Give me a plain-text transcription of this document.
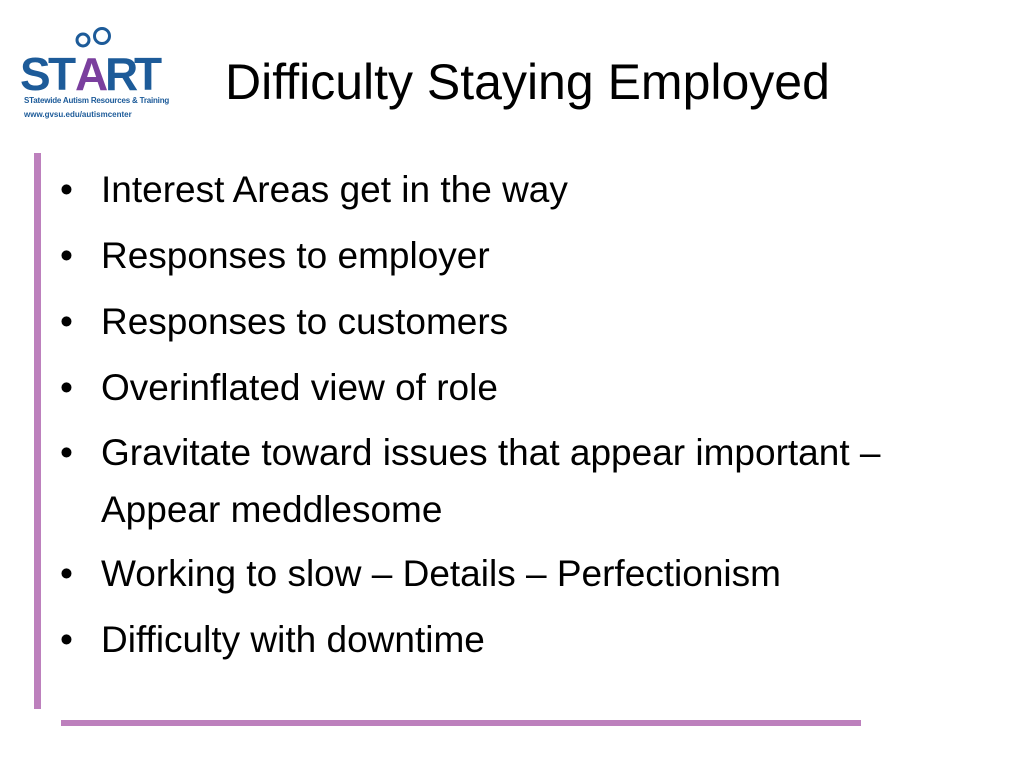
S
T
A
R
T
STatewide Autism Resources & Training
www.gvsu.edu/autismcenter
Difficulty Staying Employed
• Interest Areas get in the way
• Responses to employer
• Responses to customers
• Overinflated view of role
• Gravitate toward issues that appear important – Appear meddlesome
• Working to slow – Details – Perfectionism
• Difficulty with downtime
